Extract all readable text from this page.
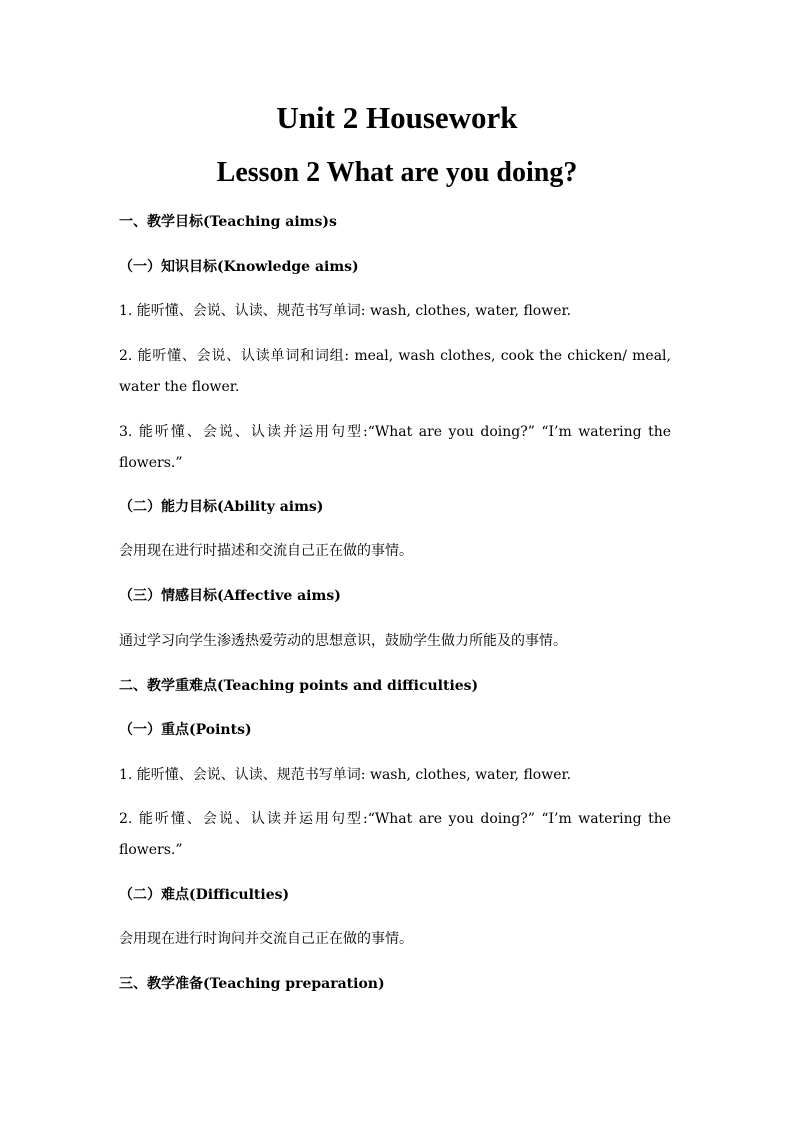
Unit 2 Housework
Lesson 2 What are you doing?
一、教学目标(Teaching aims)s
（一）知识目标(Knowledge aims)
1. 能听懂、会说、认读、规范书写单词: wash, clothes, water, flower.
2. 能听懂、会说、认读单词和词组: meal, wash clothes, cook the chicken/ meal,
water the flower.
3. 能听懂、会说、认读并运用句型:“What are you doing?” “I’m watering the
flowers.”
（二）能力目标(Ability aims)
会用现在进行时描述和交流自己正在做的事情。
（三）情感目标(Affective aims)
通过学习向学生渗透热爱劳动的思想意识，鼓励学生做力所能及的事情。
二、教学重难点(Teaching points and difficulties)
（一）重点(Points)
1. 能听懂、会说、认读、规范书写单词: wash, clothes, water, flower.
2. 能听懂、会说、认读并运用句型:“What are you doing?” “I’m watering the
flowers.”
（二）难点(Difficulties)
会用现在进行时询问并交流自己正在做的事情。
三、教学准备(Teaching preparation)
